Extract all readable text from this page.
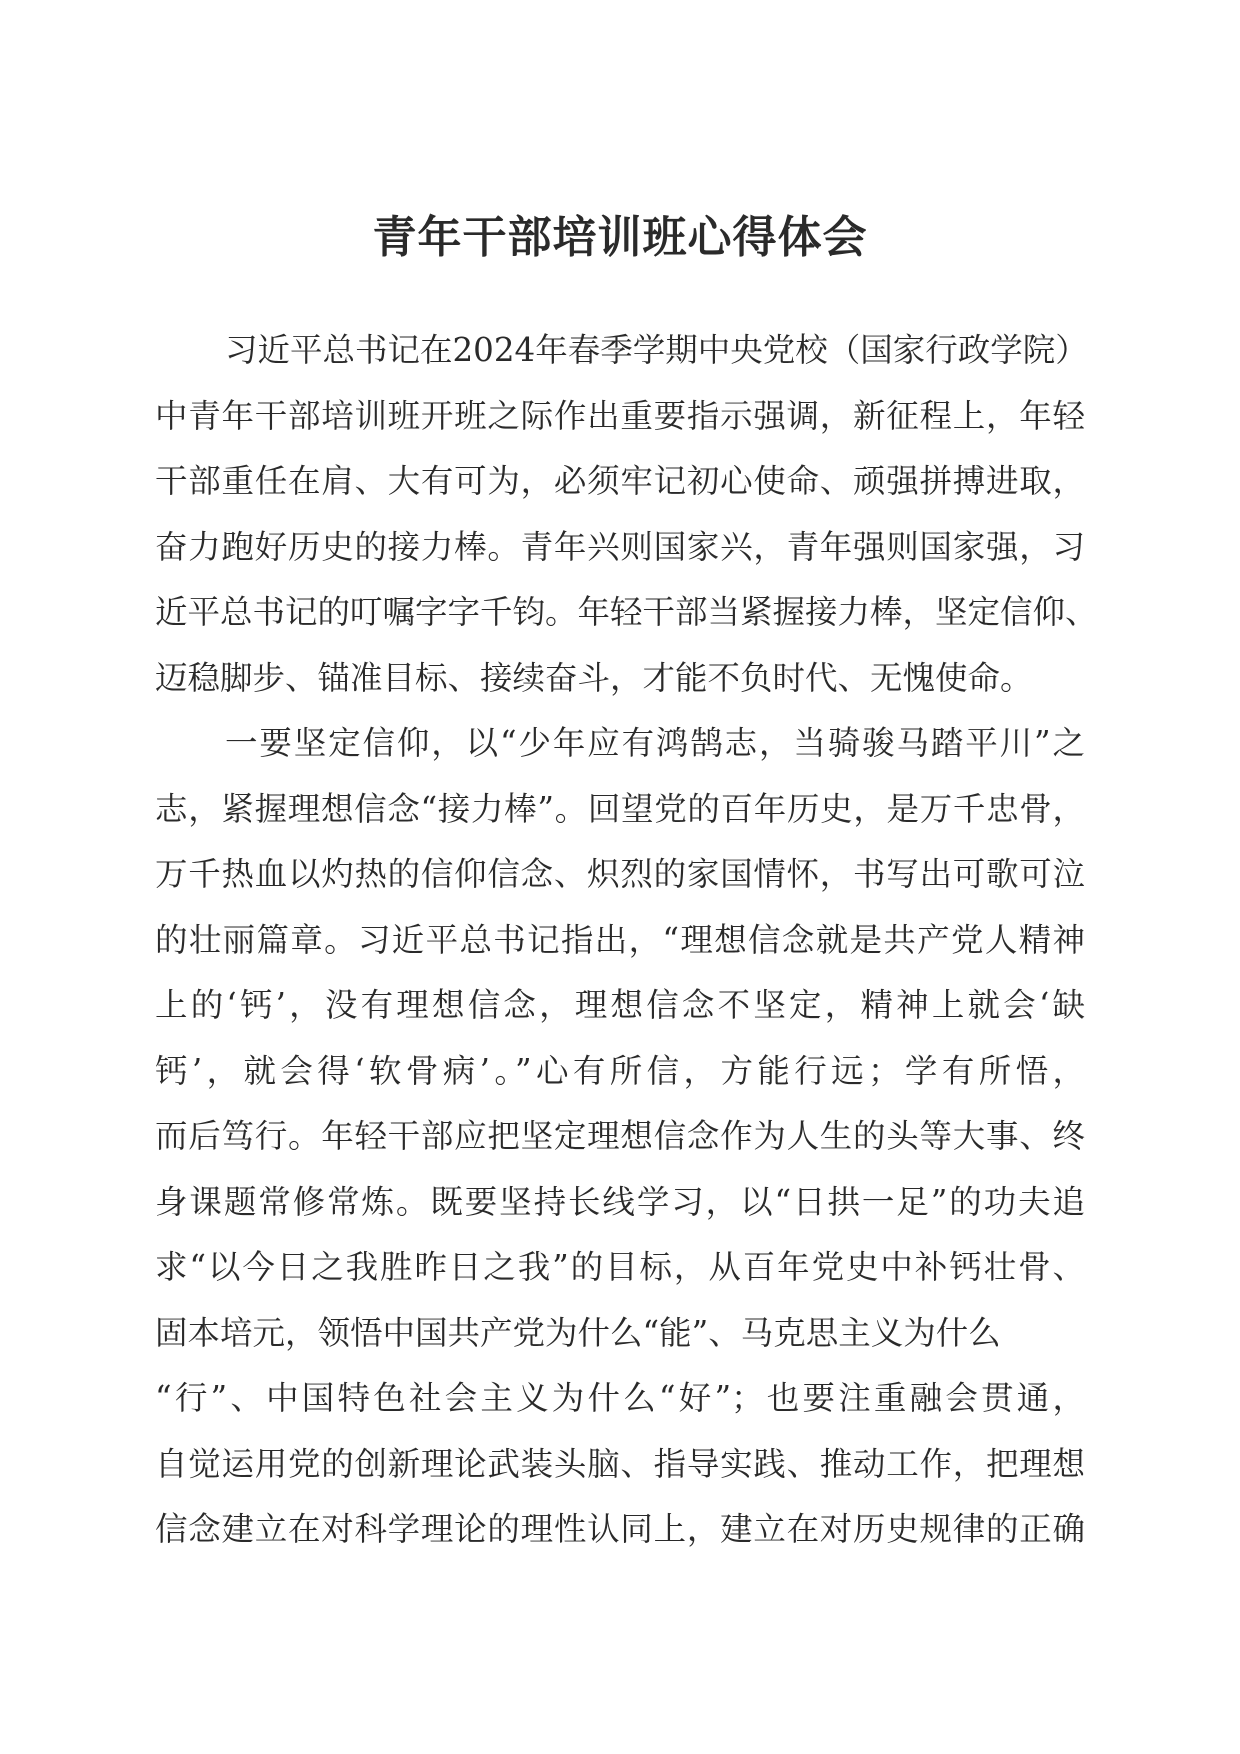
青年干部培训班心得体会
习近平总书记在2024年春季学期中央党校（国家行政学院）
中青年干部培训班开班之际作出重要指示强调，新征程上，年轻
干部重任在肩、大有可为，必须牢记初心使命、顽强拼搏进取，
奋力跑好历史的接力棒。青年兴则国家兴，青年强则国家强，习
近平总书记的叮嘱字字千钧。年轻干部当紧握接力棒，坚定信仰、
迈稳脚步、锚准目标、接续奋斗，才能不负时代、无愧使命。
一要坚定信仰，以“少年应有鸿鹄志，当骑骏马踏平川”之
志，紧握理想信念“接力棒”。回望党的百年历史，是万千忠骨，
万千热血以灼热的信仰信念、炽烈的家国情怀，书写出可歌可泣
的壮丽篇章。习近平总书记指出，“理想信念就是共产党人精神
上的‘钙’，没有理想信念，理想信念不坚定，精神上就会‘缺
钙’，就会得‘软骨病’。”心有所信，方能行远；学有所悟，
而后笃行。年轻干部应把坚定理想信念作为人生的头等大事、终
身课题常修常炼。既要坚持长线学习，以“日拱一足”的功夫追
求“以今日之我胜昨日之我”的目标，从百年党史中补钙壮骨、
固本培元，领悟中国共产党为什么“能”、马克思主义为什么
“行”、中国特色社会主义为什么“好”；也要注重融会贯通，
自觉运用党的创新理论武装头脑、指导实践、推动工作，把理想
信念建立在对科学理论的理性认同上，建立在对历史规律的正确
